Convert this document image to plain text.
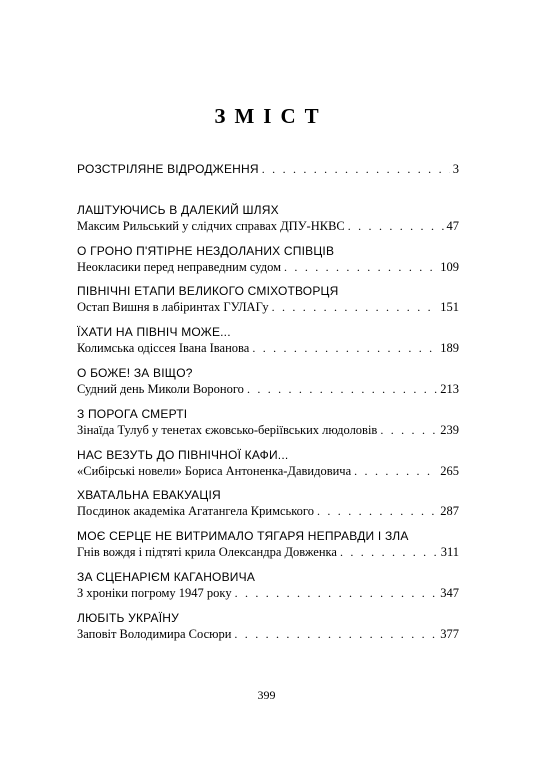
ЗМІСТ
РОЗСТРІЛЯНЕ ВІДРОДЖЕННЯ . . .	3
ЛАШТУЮЧИСЬ В ДАЛЕКИЙ ШЛЯХ
Максим Рильський у слідчих справах ДПУ-НКВС . . .	47
О ГРОНО П'ЯТІРНЕ НЕЗДОЛАНИХ СПІВЦІВ
Неокласики перед неправедним судом . . .	109
ПІВНІЧНІ ЕТАПИ ВЕЛИКОГО СМІХОТВОРЦЯ
Остап Вишня в лабіринтах ГУЛАГу . . .	151
ЇХАТИ НА ПІВНІЧ МОЖЕ...
Колимська одіссея Івана Іванова . . .	189
О БОЖЕ! ЗА ВІЩО?
Судний день Миколи Вороного . . .	213
З ПОРОГА СМЕРТІ
Зінаїда Тулуб у тенетах єжовсько-беріївських людоловів . . .	239
НАС ВЕЗУТЬ ДО ПІВНІЧНОЇ КАФИ...
«Сибірські новели» Бориса Антоненка-Давидовича . . .	265
ХВАТАЛЬНА ЕВАКУАЦІЯ
Посдинок академіка Агатангела Кримського . . .	287
МОЄ СЕРЦЕ НЕ ВИТРИМАЛО ТЯГАРЯ НЕПРАВДИ І ЗЛА
Гнів вождя і підтяті крила Олександра Довженка . . .	311
ЗА СЦЕНАРІЄМ КАГАНОВИЧА
З хроніки погрому 1947 року . . .	347
ЛЮБІТЬ УКРАЇНУ
Заповіт Володимира Сосюри . . .	377
399
